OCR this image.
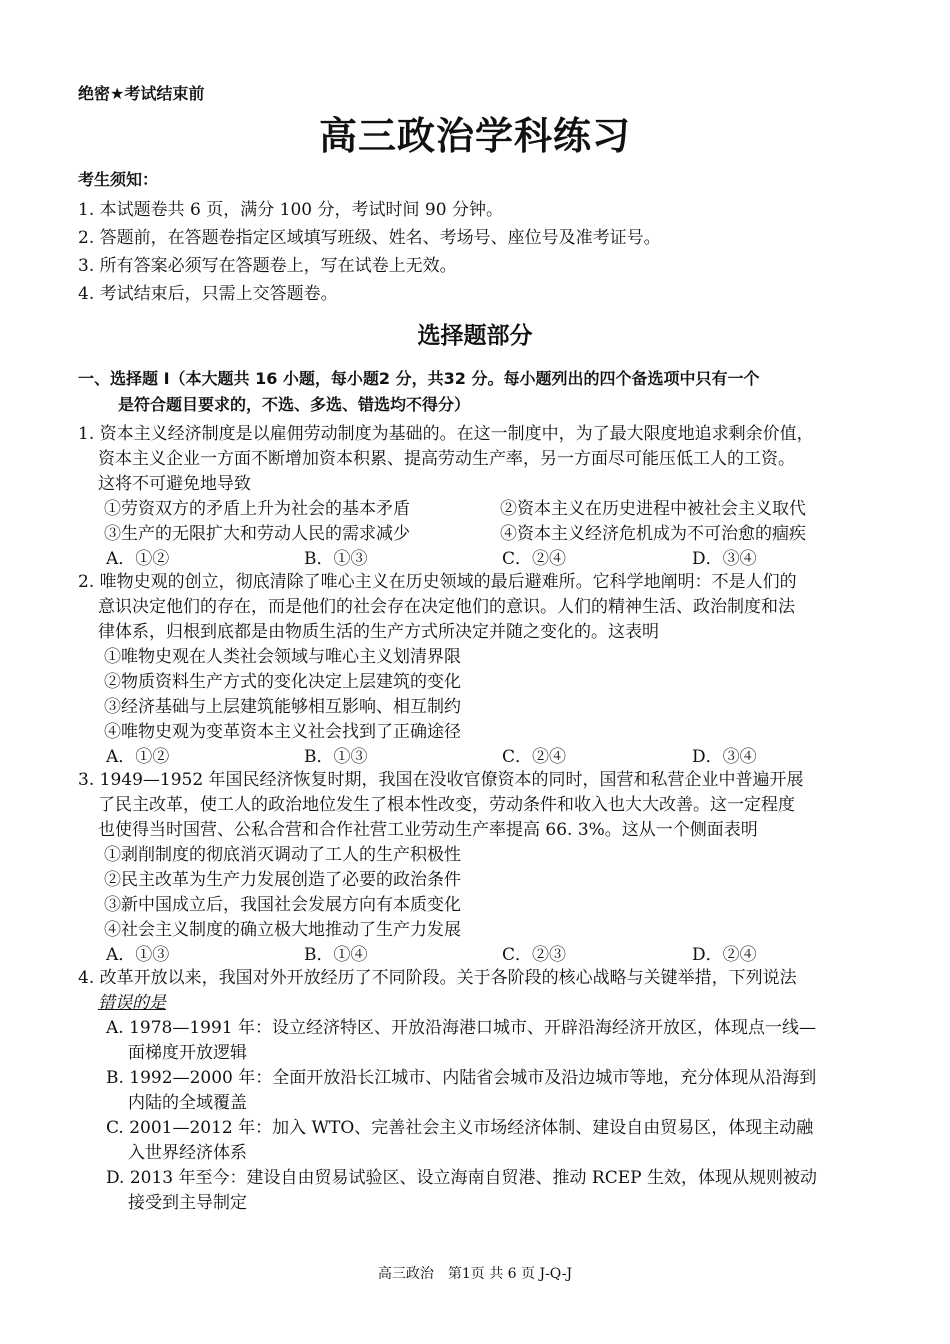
绝密★考试结束前
高三政治学科练习
考生须知：
1. 本试题卷共 6 页，满分 100 分，考试时间 90 分钟。
2. 答题前，在答题卷指定区域填写班级、姓名、考场号、座位号及准考证号。
3. 所有答案必须写在答题卷上，写在试卷上无效。
4. 考试结束后，只需上交答题卷。
选择题部分
一、选择题 I（本大题共 16 小题，每小题2 分，共32 分。每小题列出的四个备选项中只有一个
是符合题目要求的，不选、多选、错选均不得分）
1. 资本主义经济制度是以雇佣劳动制度为基础的。在这一制度中，为了最大限度地追求剩余价值，
资本主义企业一方面不断增加资本积累、提高劳动生产率，另一方面尽可能压低工人的工资。
这将不可避免地导致
①劳资双方的矛盾上升为社会的基本矛盾	②资本主义在历史进程中被社会主义取代
③生产的无限扩大和劳动人民的需求减少	④资本主义经济危机成为不可治愈的痼疾
A．①②	B．①③	C．②④	D．③④
2. 唯物史观的创立，彻底清除了唯心主义在历史领域的最后避难所。它科学地阐明：不是人们的
意识决定他们的存在，而是他们的社会存在决定他们的意识。人们的精神生活、政治制度和法
律体系，归根到底都是由物质生活的生产方式所决定并随之变化的。这表明
①唯物史观在人类社会领域与唯心主义划清界限
②物质资料生产方式的变化决定上层建筑的变化
③经济基础与上层建筑能够相互影响、相互制约
④唯物史观为变革资本主义社会找到了正确途径
A．①②	B．①③	C．②④	D．③④
3. 1949—1952 年国民经济恢复时期，我国在没收官僚资本的同时，国营和私营企业中普遍开展
了民主改革，使工人的政治地位发生了根本性改变，劳动条件和收入也大大改善。这一定程度
也使得当时国营、公私合营和合作社营工业劳动生产率提高 66. 3%。这从一个侧面表明
①剥削制度的彻底消灭调动了工人的生产积极性
②民主改革为生产力发展创造了必要的政治条件
③新中国成立后，我国社会发展方向有本质变化
④社会主义制度的确立极大地推动了生产力发展
A．①③	B．①④	C．②③	D．②④
4. 改革开放以来，我国对外开放经历了不同阶段。关于各阶段的核心战略与关键举措，下列说法
错误的是
A. 1978—1991 年：设立经济特区、开放沿海港口城市、开辟沿海经济开放区，体现点一线—
面梯度开放逻辑
B. 1992—2000 年：全面开放沿长江城市、内陆省会城市及沿边城市等地，充分体现从沿海到
内陆的全域覆盖
C. 2001—2012 年：加入 WTO、完善社会主义市场经济体制、建设自由贸易区，体现主动融
入世界经济体系
D. 2013 年至今：建设自由贸易试验区、设立海南自贸港、推动 RCEP 生效，体现从规则被动
接受到主导制定
高三政治　第1页 共 6 页 J-Q-J
